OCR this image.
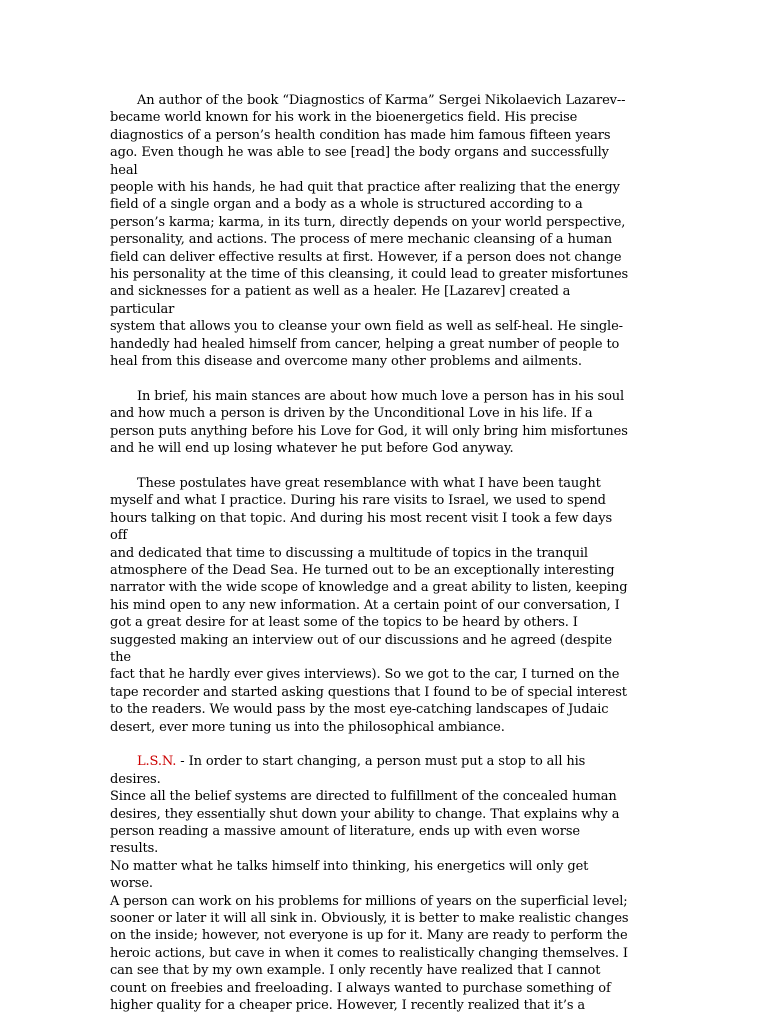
An author of the book “Diagnostics of Karma” Sergei Nikolaevich Lazarev--
became world known for his work in the bioenergetics field. His precise
diagnostics of a person’s health condition has made him famous fifteen years
ago. Even though he was able to see [read] the body organs and successfully heal
people with his hands, he had quit that practice after realizing that the energy
field of a single organ and a body as a whole is structured according to a
person’s karma; karma, in its turn, directly depends on your world perspective,
personality, and actions. The process of mere mechanic cleansing of a human
field can deliver effective results at first. However, if a person does not change
his personality at the time of this cleansing, it could lead to greater misfortunes
and sicknesses for a patient as well as a healer. He [Lazarev] created a particular
system that allows you to cleanse your own field as well as self-heal. He single-
handedly had healed himself from cancer, helping a great number of people to
heal from this disease and overcome many other problems and ailments.

In brief, his main stances are about how much love a person has in his soul
and how much a person is driven by the Unconditional Love in his life. If a
person puts anything before his Love for God, it will only bring him misfortunes
and he will end up losing whatever he put before God anyway.

These postulates have great resemblance with what I have been taught
myself and what I practice. During his rare visits to Israel, we used to spend
hours talking on that topic. And during his most recent visit I took a few days off
and dedicated that time to discussing a multitude of topics in the tranquil
atmosphere of the Dead Sea. He turned out to be an exceptionally interesting
narrator with the wide scope of knowledge and a great ability to listen, keeping
his mind open to any new information. At a certain point of our conversation, I
got a great desire for at least some of the topics to be heard by others. I
suggested making an interview out of our discussions and he agreed (despite the
fact that he hardly ever gives interviews). So we got to the car, I turned on the
tape recorder and started asking questions that I found to be of special interest
to the readers. We would pass by the most eye-catching landscapes of Judaic
desert, ever more tuning us into the philosophical ambiance.

L.S.N. - In order to start changing, a person must put a stop to all his desires.
Since all the belief systems are directed to fulfillment of the concealed human
desires, they essentially shut down your ability to change. That explains why a
person reading a massive amount of literature, ends up with even worse results.
No matter what he talks himself into thinking, his energetics will only get worse.
A person can work on his problems for millions of years on the superficial level;
sooner or later it will all sink in. Obviously, it is better to make realistic changes
on the inside; however, not everyone is up for it. Many are ready to perform the
heroic actions, but cave in when it comes to realistically changing themselves. I
can see that by my own example. I only recently have realized that I cannot
count on freebies and freeloading. I always wanted to purchase something of
higher quality for a cheaper price. However, I recently realized that it’s a
